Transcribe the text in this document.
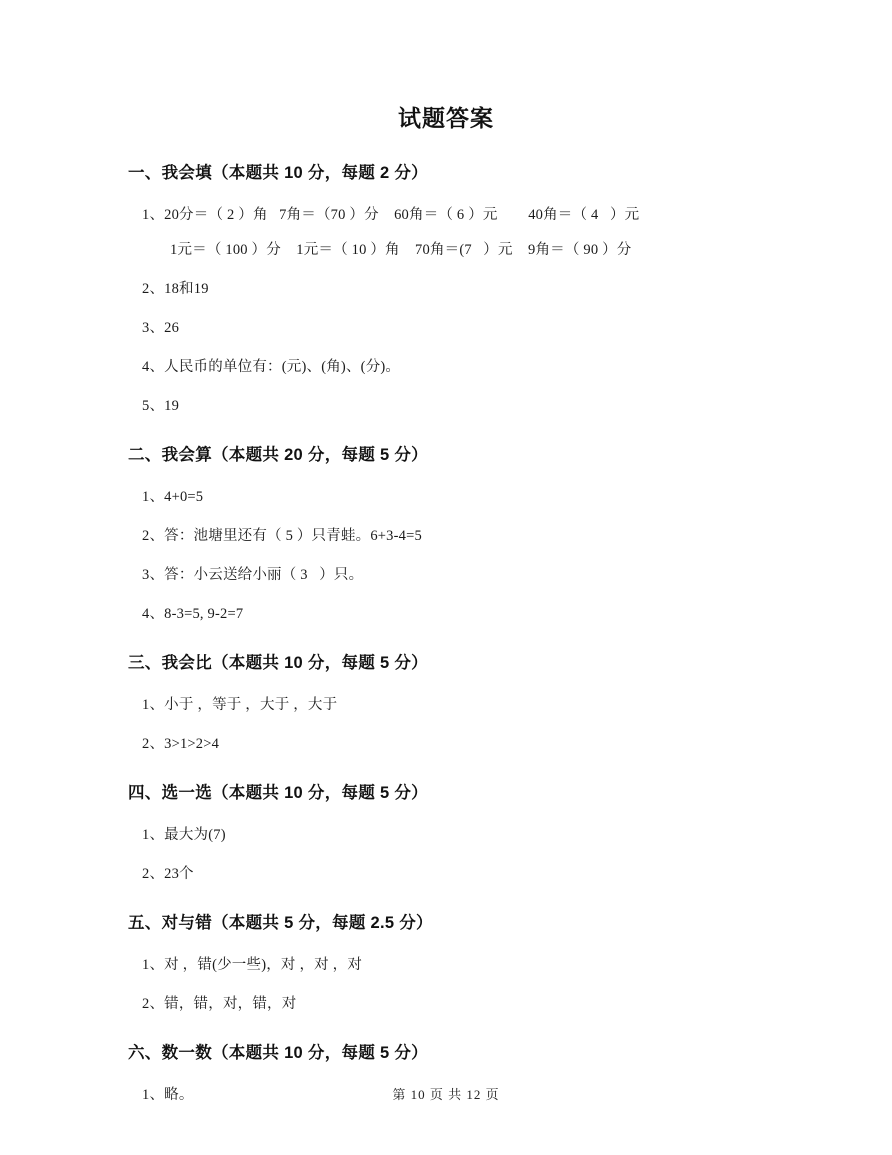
试题答案
一、我会填（本题共 10 分，每题 2 分）
1、20分＝（ 2 ）角   7角＝（70 ）分    60角＝（ 6 ）元        40角＝（ 4   ）元
1元＝（ 100 ）分    1元＝（ 10 ）角    70角＝(7   ）元    9角＝（ 90 ）分
2、18和19
3、26
4、人民币的单位有：(元)、(角)、(分)。
5、19
二、我会算（本题共 20 分，每题 5 分）
1、4+0=5
2、答：池塘里还有（ 5 ）只青蛙。6+3-4=5
3、答：小云送给小丽（ 3   ）只。
4、8-3=5, 9-2=7
三、我会比（本题共 10 分，每题 5 分）
1、小于 ，等于 ，大于 ，大于
2、3>1>2>4
四、选一选（本题共 10 分，每题 5 分）
1、最大为(7)
2、23个
五、对与错（本题共 5 分，每题 2.5 分）
1、对 ，错(少一些)，对 ，对 ，对
2、错，错，对，错，对
六、数一数（本题共 10 分，每题 5 分）
1、略。	第 10 页 共 12 页
